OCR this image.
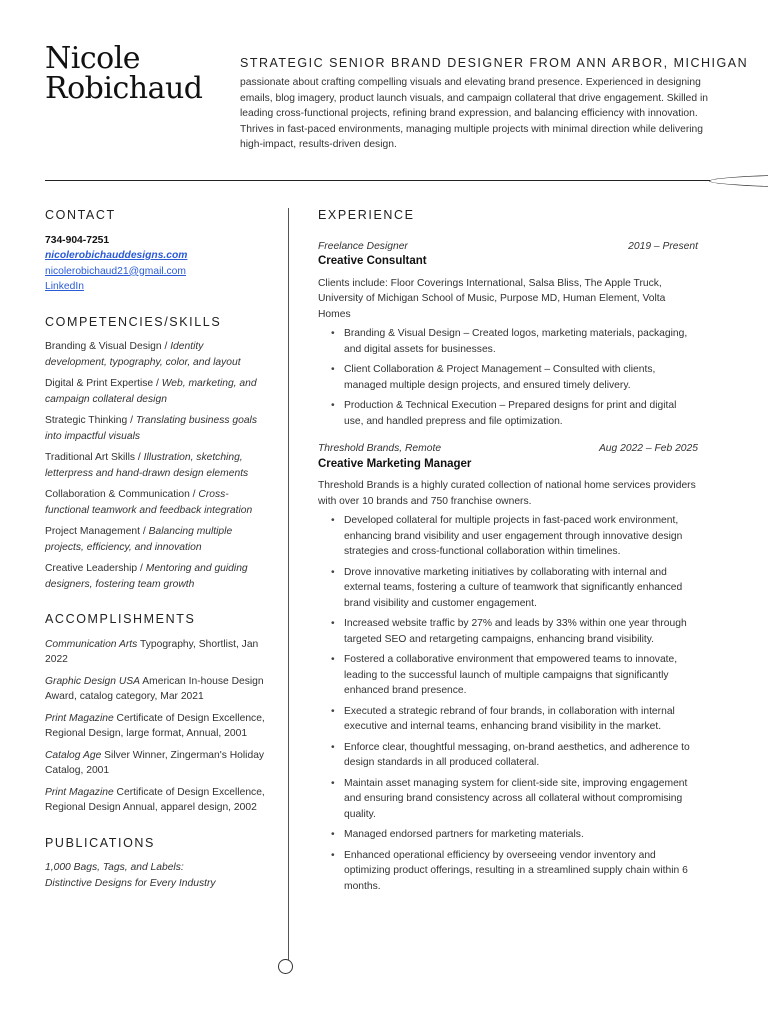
Nicole
Robichaud
STRATEGIC SENIOR BRAND DESIGNER FROM ANN ARBOR, MICHIGAN
passionate about crafting compelling visuals and elevating brand presence. Experienced in designing emails, blog imagery, product launch visuals, and campaign collateral that drive engagement. Skilled in leading cross-functional projects, refining brand expression, and balancing efficiency with innovation. Thrives in fast-paced environments, managing multiple projects with minimal direction while delivering high-impact, results-driven design.
CONTACT
734-904-7251
nicolerobichauddesigns.com
nicolerobichaud21@gmail.com
LinkedIn
COMPETENCIES/SKILLS
Branding & Visual Design / Identity development, typography, color, and layout
Digital & Print Expertise / Web, marketing, and campaign collateral design
Strategic Thinking / Translating business goals into impactful visuals
Traditional Art Skills / Illustration, sketching, letterpress and hand-drawn design elements
Collaboration & Communication / Cross-functional teamwork and feedback integration
Project Management / Balancing multiple projects, efficiency, and innovation
Creative Leadership / Mentoring and guiding designers, fostering team growth
ACCOMPLISHMENTS
Communication Arts Typography, Shortlist, Jan 2022
Graphic Design USA American In-house Design Award, catalog category, Mar 2021
Print Magazine Certificate of Design Excellence, Regional Design, large format, Annual, 2001
Catalog Age Silver Winner, Zingerman's Holiday Catalog, 2001
Print Magazine Certificate of Design Excellence, Regional Design Annual, apparel design, 2002
PUBLICATIONS
1,000 Bags, Tags, and Labels:
Distinctive Designs for Every Industry
EXPERIENCE
Freelance Designer	2019 – Present
Creative Consultant
Clients include: Floor Coverings International, Salsa Bliss, The Apple Truck, University of Michigan School of Music, Purpose MD, Human Element, Volta Homes
• Branding & Visual Design – Created logos, marketing materials, packaging, and digital assets for businesses.
• Client Collaboration & Project Management – Consulted with clients, managed multiple design projects, and ensured timely delivery.
• Production & Technical Execution – Prepared designs for print and digital use, and handled prepress and file optimization.
Threshold Brands, Remote	Aug 2022 – Feb 2025
Creative Marketing Manager
Threshold Brands is a highly curated collection of national home services providers with over 10 brands and 750 franchise owners.
• Developed collateral for multiple projects in fast-paced work environment, enhancing brand visibility and user engagement through innovative design strategies and cross-functional collaboration within timelines.
• Drove innovative marketing initiatives by collaborating with internal and external teams, fostering a culture of teamwork that significantly enhanced brand visibility and customer engagement.
• Increased website traffic by 27% and leads by 33% within one year through targeted SEO and retargeting campaigns, enhancing brand visibility.
• Fostered a collaborative environment that empowered teams to innovate, leading to the successful launch of multiple campaigns that significantly enhanced brand presence.
• Executed a strategic rebrand of four brands, in collaboration with internal executive and internal teams, enhancing brand visibility in the market.
• Enforce clear, thoughtful messaging, on-brand aesthetics, and adherence to design standards in all produced collateral.
• Maintain asset managing system for client-side site, improving engagement and ensuring brand consistency across all collateral without compromising quality.
• Managed endorsed partners for marketing materials.
• Enhanced operational efficiency by overseeing vendor inventory and optimizing product offerings, resulting in a streamlined supply chain within 6 months.
